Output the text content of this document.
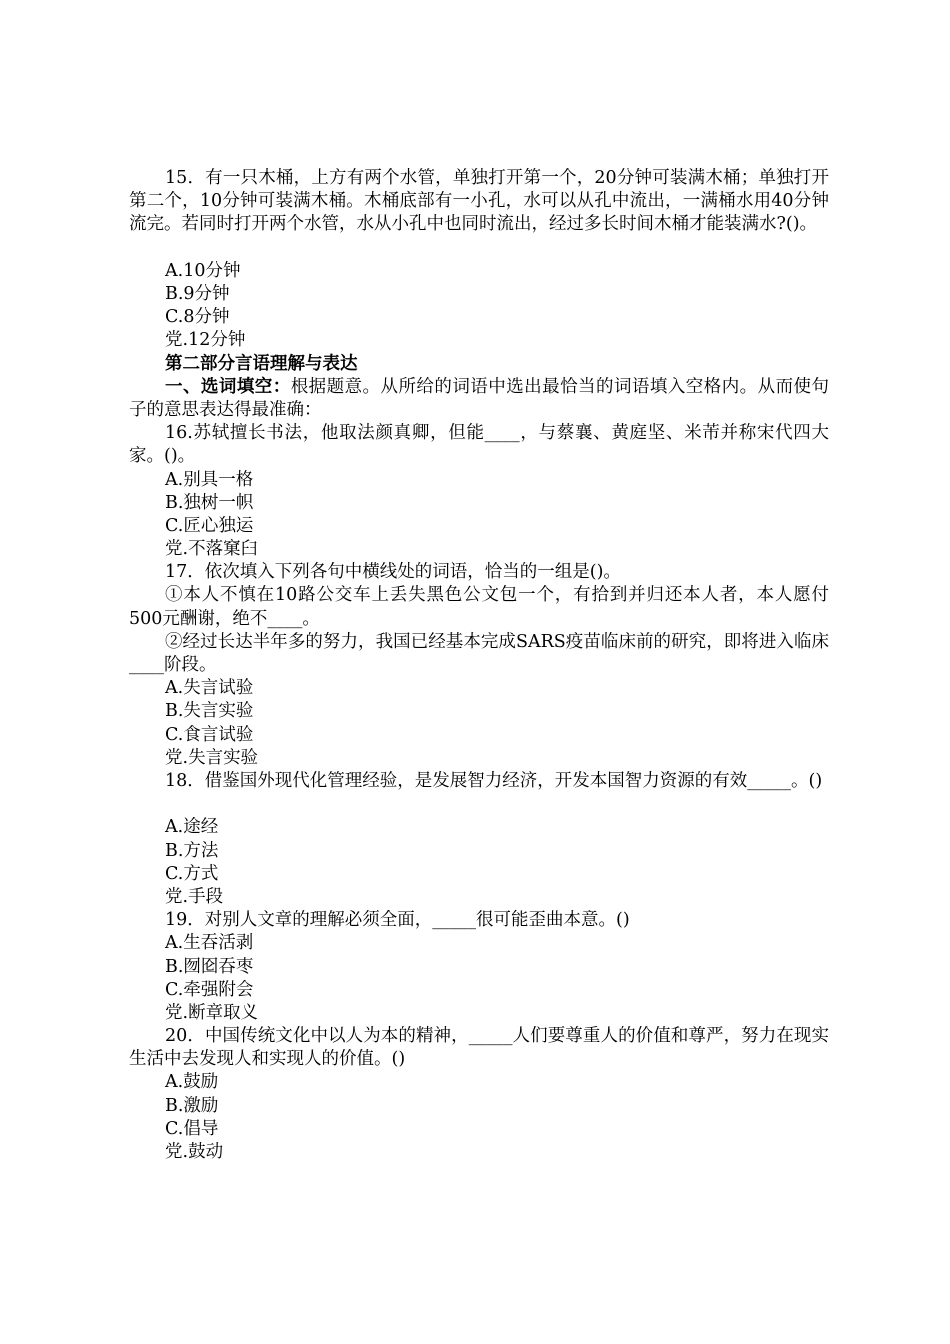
15．有一只木桶，上方有两个水管，单独打开第一个，20分钟可装满木桶；单独打开第二个，10分钟可装满木桶。木桶底部有一小孔，水可以从孔中流出，一满桶水用40分钟流完。若同时打开两个水管，水从小孔中也同时流出，经过多长时间木桶才能装满水?()。
A.10分钟
B.9分钟
C.8分钟
党.12分钟
第二部分言语理解与表达
一、选词填空：根据题意。从所给的词语中选出最恰当的词语填入空格内。从而使句子的意思表达得最准确：
16.苏轼擅长书法，他取法颜真卿，但能____，与蔡襄、黄庭坚、米芾并称宋代四大家。()。
A.别具一格
B.独树一帜
C.匠心独运
党.不落窠臼
17．依次填入下列各句中横线处的词语，恰当的一组是()。
①本人不慎在10路公交车上丢失黑色公文包一个，有拾到并归还本人者，本人愿付500元酬谢，绝不____。
②经过长达半年多的努力，我国已经基本完成SARS疫苗临床前的研究，即将进入临床____阶段。
A.失言试验
B.失言实验
C.食言试验
党.失言实验
18．借鉴国外现代化管理经验，是发展智力经济，开发本国智力资源的有效_____。()
A.途经
B.方法
C.方式
党.手段
19．对别人文章的理解必须全面，_____很可能歪曲本意。()
A.生吞活剥
B.囫囵吞枣
C.牵强附会
党.断章取义
20．中国传统文化中以人为本的精神，_____人们要尊重人的价值和尊严，努力在现实生活中去发现人和实现人的价值。()
A.鼓励
B.激励
C.倡导
党.鼓动
